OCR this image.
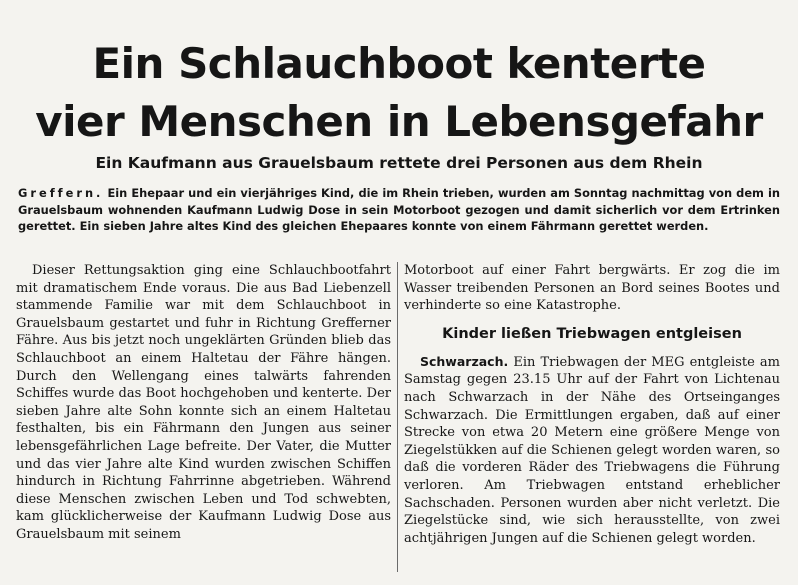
Ein Schlauchboot kenterte
vier Menschen in Lebensgefahr
Ein Kaufmann aus Grauelsbaum rettete drei Personen aus dem Rhein

Greffern. Ein Ehepaar und ein vierjähriges Kind, die im Rhein trieben, wurden am Sonntag nachmittag von dem in Grauelsbaum wohnenden Kaufmann Ludwig Dose in sein Motorboot gezogen und damit sicherlich vor dem Ertrinken gerettet. Ein sieben Jahre altes Kind des gleichen Ehepaares konnte von einem Fährmann gerettet werden.

Dieser Rettungsaktion ging eine Schlauchbootfahrt mit dramatischem Ende voraus. Die aus Bad Liebenzell stammende Familie war mit dem Schlauchboot in Grauelsbaum gestartet und fuhr in Richtung Grefferner Fähre. Aus bis jetzt noch ungeklärten Gründen blieb das Schlauchboot an einem Haltetau der Fähre hängen. Durch den Wellengang eines talwärts fahrenden Schiffes wurde das Boot hochgehoben und kenterte. Der sieben Jahre alte Sohn konnte sich an einem Haltetau festhalten, bis ein Fährmann den Jungen aus seiner lebensgefährlichen Lage befreite. Der Vater, die Mutter und das vier Jahre alte Kind wurden zwischen Schiffen hindurch in Richtung Fahrrinne abgetrieben. Während diese Menschen zwischen Leben und Tod schwebten, kam glücklicherweise der Kaufmann Ludwig Dose aus Grauelsbaum mit seinem

Motorboot auf einer Fahrt bergwärts. Er zog die im Wasser treibenden Personen an Bord seines Bootes und verhinderte so eine Katastrophe.

Kinder ließen Triebwagen entgleisen

Schwarzach. Ein Triebwagen der MEG entgleiste am Samstag gegen 23.15 Uhr auf der Fahrt von Lichtenau nach Schwarzach in der Nähe des Ortseinganges Schwarzach. Die Ermittlungen ergaben, daß auf einer Strecke von etwa 20 Metern eine größere Menge von Ziegelstükken auf die Schienen gelegt worden waren, so daß die vorderen Räder des Triebwagens die Führung verloren. Am Triebwagen entstand erheblicher Sachschaden. Personen wurden aber nicht verletzt. Die Ziegelstücke sind, wie sich herausstellte, von zwei achtjährigen Jungen auf die Schienen gelegt worden.
